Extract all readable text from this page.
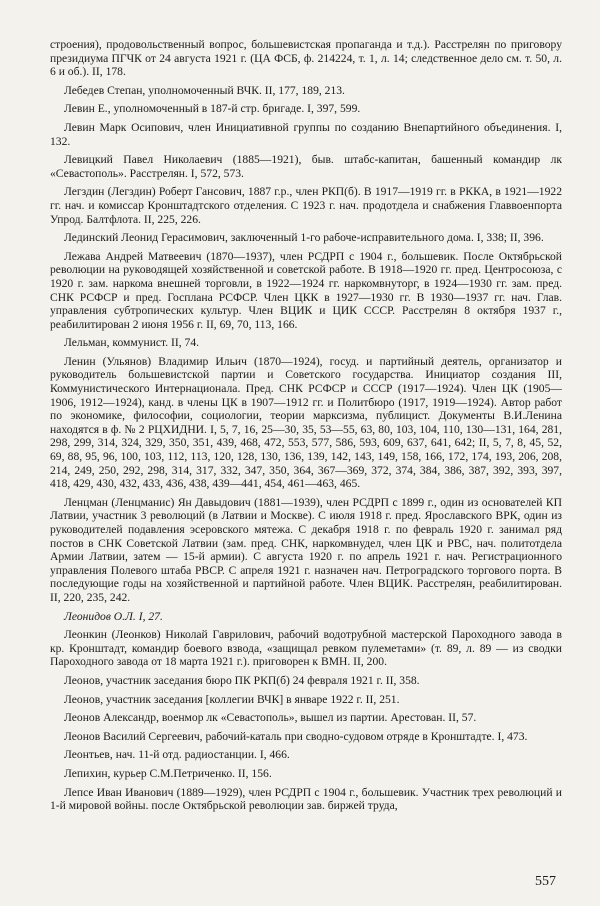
строения), продовольственный вопрос, большевистская пропаганда и т.д.). Расстрелян по приговору президиума ПГЧК от 24 августа 1921 г. (ЦА ФСБ, ф. 214224, т. 1, л. 14; следственное дело см. т. 50, л. 6 и об.). II, 178.

Лебедев Степан, уполномоченный ВЧК. II, 177, 189, 213.

Левин Е., уполномоченный в 187-й стр. бригаде. I, 397, 599.

Левин Марк Осипович, член Инициативной группы по созданию Внепартийного объединения. I, 132.

Левицкий Павел Николаевич (1885—1921), быв. штабс-капитан, башенный командир лк «Севастополь». Расстрелян. I, 572, 573.

Легздин (Легздин) Роберт Гансович, 1887 г.р., член РКП(б). В 1917—1919 гг. в РККА, в 1921—1922 гг. нач. и комиссар Кронштадтского отделения. С 1923 г. нач. продотдела и снабжения Главвоенпорта Упрод. Балтфлота. II, 225, 226.

Лединский Леонид Герасимович, заключенный 1-го рабоче-исправительного дома. I, 338; II, 396.

Лежава Андрей Матвеевич (1870—1937), член РСДРП с 1904 г., большевик. После Октябрьской революции на руководящей хозяйственной и советской работе. В 1918—1920 гг. пред. Центросоюза, с 1920 г. зам. наркома внешней торговли, в 1922—1924 гг. наркомвнуторг, в 1924—1930 гг. зам. пред. СНК РСФСР и пред. Госплана РСФСР. Член ЦКК в 1927—1930 гг. В 1930—1937 гг. нач. Глав. управления субтропических культур. Член ВЦИК и ЦИК СССР. Расстрелян 8 октября 1937 г., реабилитирован 2 июня 1956 г. II, 69, 70, 113, 166.

Лельман, коммунист. II, 74.

Ленин (Ульянов) Владимир Ильич (1870—1924), госуд. и партийный деятель, организатор и руководитель большевистской партии и Советского государства. Инициатор создания III, Коммунистического Интернационала. Пред. СНК РСФСР и СССР (1917—1924). Член ЦК (1905—1906, 1912—1924), канд. в члены ЦК в 1907—1912 гг. и Политбюро (1917, 1919—1924). Автор работ по экономике, философии, социологии, теории марксизма, публицист. Документы В.И.Ленина находятся в ф. № 2 РЦХИДНИ. I, 5, 7, 16, 25—30, 35, 53—55, 63, 80, 103, 104, 110, 130—131, 164, 281, 298, 299, 314, 324, 329, 350, 351, 439, 468, 472, 553, 577, 586, 593, 609, 637, 641, 642; II, 5, 7, 8, 45, 52, 69, 88, 95, 96, 100, 103, 112, 113, 120, 128, 130, 136, 139, 142, 143, 149, 158, 166, 172, 174, 193, 206, 208, 214, 249, 250, 292, 298, 314, 317, 332, 347, 350, 364, 367—369, 372, 374, 384, 386, 387, 392, 393, 397, 418, 429, 430, 432, 433, 436, 438, 439—441, 454, 461—463, 465.

Ленцман (Ленцманис) Ян Давыдович (1881—1939), член РСДРП с 1899 г., один из основателей КП Латвии, участник 3 революций (в Латвии и Москве). С июля 1918 г. пред. Ярославского ВРК, один из руководителей подавления эсеровского мятежа. С декабря 1918 г. по февраль 1920 г. занимал ряд постов в СНК Советской Латвии (зам. пред. СНК, наркомвнудел, член ЦК и РВС, нач. политотдела Армии Латвии, затем — 15-й армии). С августа 1920 г. по апрель 1921 г. нач. Регистрационного управления Полевого штаба РВСР. С апреля 1921 г. назначен нач. Петроградского торгового порта. В последующие годы на хозяйственной и партийной работе. Член ВЦИК. Расстрелян, реабилитирован. II, 220, 235, 242.

Леонидов О.Л. I, 27.

Леонкин (Леонков) Николай Гаврилович, рабочий водотрубной мастерской Пароходного завода в кр. Кронштадт, командир боевого взвода, «защищал ревком пулеметами» (т. 89, л. 89 — из сводки Пароходного завода от 18 марта 1921 г.). приговорен к ВМН. II, 200.

Леонов, участник заседания бюро ПК РКП(б) 24 февраля 1921 г. II, 358.

Леонов, участник заседания [коллегии ВЧК] в январе 1922 г. II, 251.

Леонов Александр, военмор лк «Севастополь», вышел из партии. Арестован. II, 57.

Леонов Василий Сергеевич, рабочий-каталь при сводно-судовом отряде в Кронштадте. I, 473.

Леонтьев, нач. 11-й отд. радиостанции. I, 466.

Лепихин, курьер С.М.Петриченко. II, 156.

Лепсе Иван Иванович (1889—1929), член РСДРП с 1904 г., большевик. Участник трех революций и 1-й мировой войны. после Октябрьской революции зав. биржей труда,

557
